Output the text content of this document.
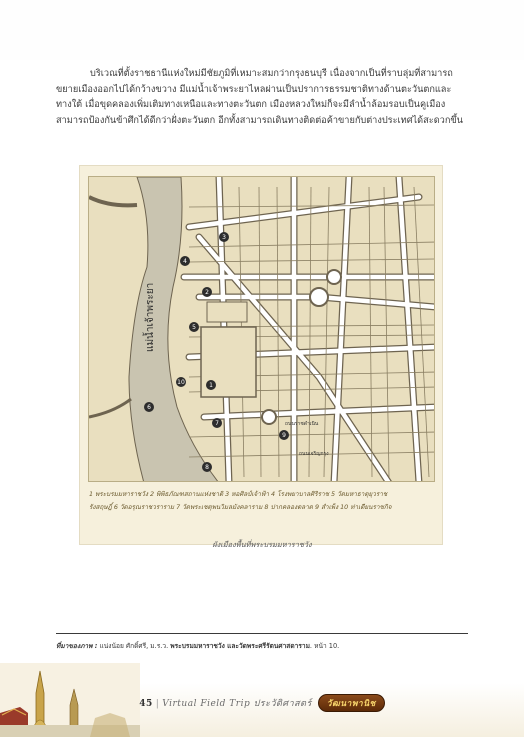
บริเวณที่ตั้งราชธานีแห่งใหม่มีชัยภูมิที่เหมาะสมกว่ากรุงธนบุรี เนื่องจากเป็นที่ราบลุ่มที่สามารถ
ขยายเมืองออกไปได้กว้างขวาง มีแม่น้ำเจ้าพระยาไหลผ่านเป็นปราการธรรมชาติทางด้านตะวันตกและ
ทางใต้ เมื่อขุดคลองเพิ่มเติมทางเหนือและทางตะวันตก เมืองหลวงใหม่ก็จะมีลำน้ำล้อมรอบเป็นคูเมือง
สามารถป้องกันข้าศึกได้ดีกว่าฝั่งตะวันตก อีกทั้งสามารถเดินทางติดต่อค้าขายกับต่างประเทศได้สะดวกขึ้น
แม่น้ำเจ้าพระยา
ถนนราชดำเนิน
ถนนเจริญกรุง
1
2
3
4
5
6
7
8
9
10
1 พระบรมมหาราชวัง 2 พิพิธภัณฑสถานแห่งชาติ 3 หอศิลป์เจ้าฟ้า 4 โรงพยาบาลศิริราช 5 วัดมหาธาตุยุวราช
รังสฤษฎิ์ 6 วัดอรุณราชวราราม 7 วัดพระเชตุพนวิมลมังคลาราม 8 ปากคลองตลาด 9 สำเพ็ง 10 ท่าเตียนราชกิจ
ผังเมืองพื้นที่พระบรมมหาราชวัง
ที่มาของภาพ : แน่งน้อย ศักดิ์ศรี, ม.ร.ว. พระบรมมหาราชวัง และวัดพระศรีรัตนศาสดาราม. หน้า 10.
45 | Virtual Field Trip ประวัติศาสตร์ วัฒนาพานิช
